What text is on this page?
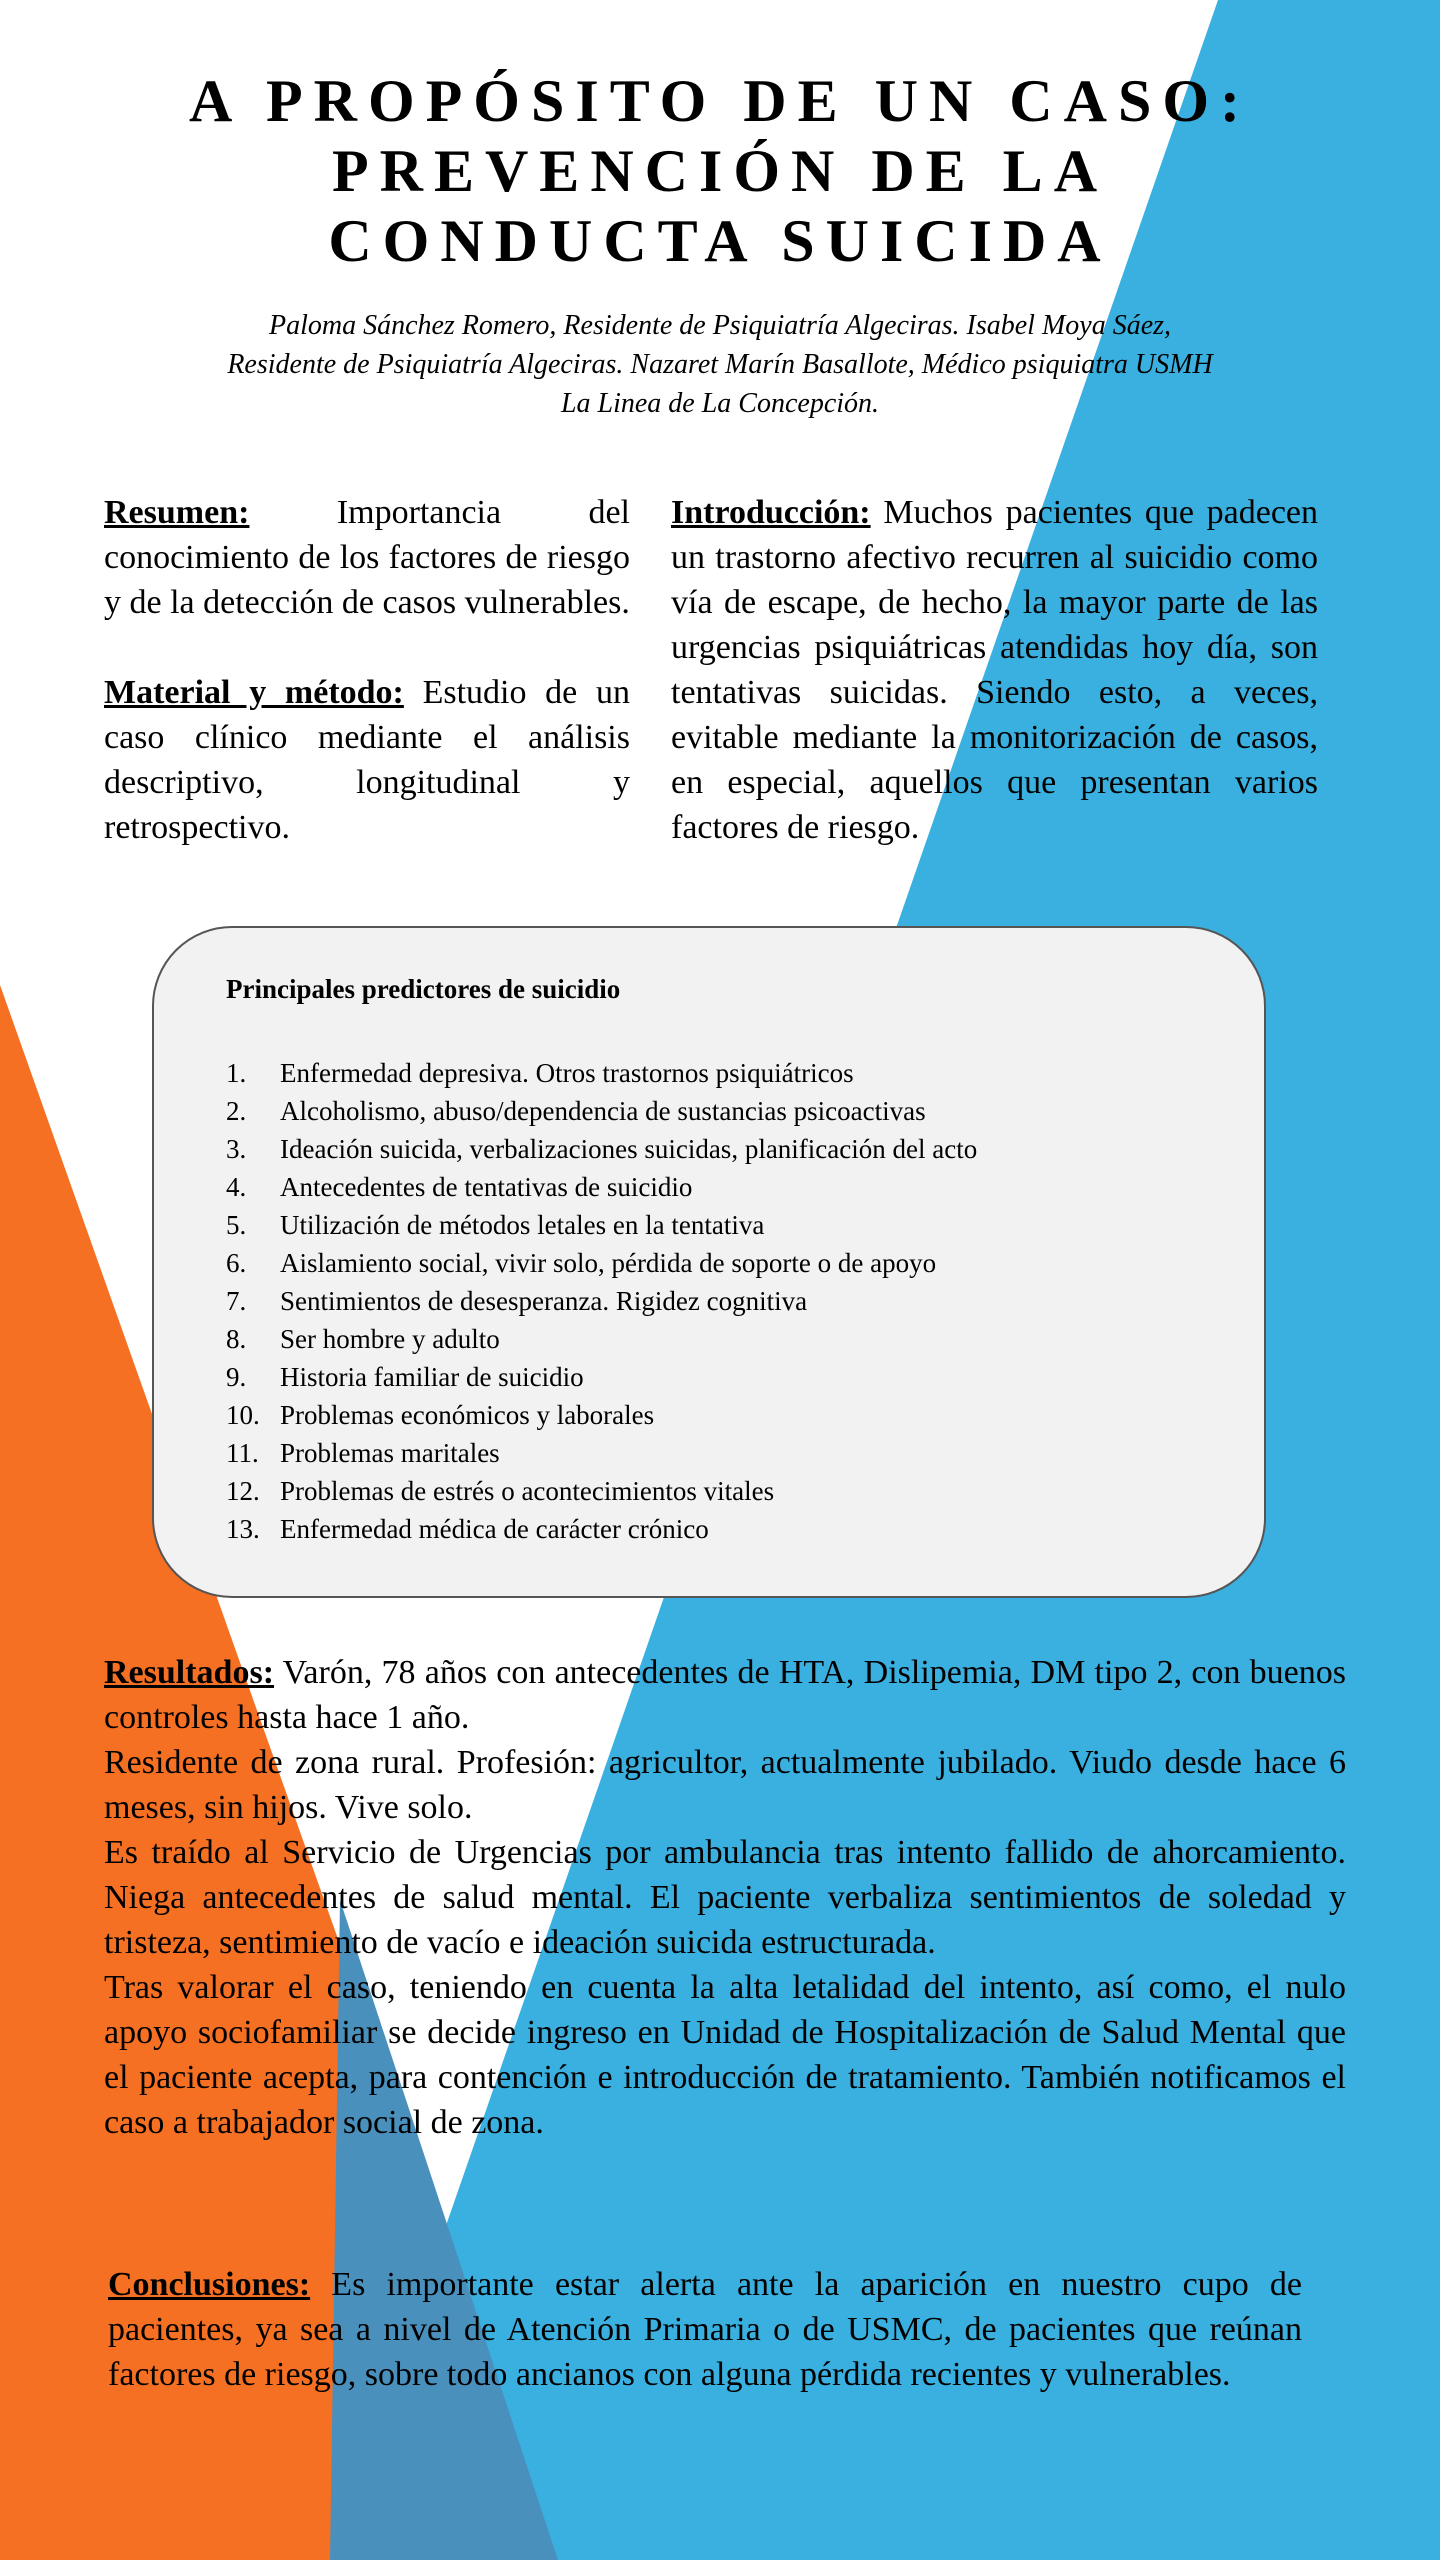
A PROPÓSITO DE UN CASO:
PREVENCIÓN DE LA
CONDUCTA SUICIDA
Paloma Sánchez Romero, Residente de Psiquiatría Algeciras. Isabel Moya Sáez,
Residente de Psiquiatría Algeciras. Nazaret Marín Basallote, Médico psiquiatra USMH
La Linea de La Concepción.

Resumen: Importancia del conocimiento de los factores de riesgo y de la detección de casos vulnerables.

Material y método: Estudio de un caso clínico mediante el análisis descriptivo, longitudinal y retrospectivo.

Introducción: Muchos pacientes que padecen un trastorno afectivo recurren al suicidio como vía de escape, de hecho, la mayor parte de las urgencias psiquiátricas atendidas hoy día, son tentativas suicidas. Siendo esto, a veces, evitable mediante la monitorización de casos, en especial, aquellos que presentan varios factores de riesgo.

Principales predictores de suicidio
1.	Enfermedad depresiva. Otros trastornos psiquiátricos
2.	Alcoholismo, abuso/dependencia de sustancias psicoactivas
3.	Ideación suicida, verbalizaciones suicidas, planificación del acto
4.	Antecedentes de tentativas de suicidio
5.	Utilización de métodos letales en la tentativa
6.	Aislamiento social, vivir solo, pérdida de soporte o de apoyo
7.	Sentimientos de desesperanza. Rigidez cognitiva
8.	Ser hombre y adulto
9.	Historia familiar de suicidio
10. Problemas económicos y laborales
11. Problemas maritales
12. Problemas de estrés o acontecimientos vitales
13. Enfermedad médica de carácter crónico

Resultados: Varón, 78 años con antecedentes de HTA, Dislipemia, DM tipo 2, con buenos controles hasta hace 1 año.

Residente de zona rural. Profesión: agricultor, actualmente jubilado. Viudo desde hace 6 meses, sin hijos. Vive solo.

Es traído al Servicio de Urgencias por ambulancia tras intento fallido de ahorcamiento. Niega antecedentes de salud mental. El paciente verbaliza sentimientos de soledad y tristeza, sentimiento de vacío e ideación suicida estructurada.

Tras valorar el caso, teniendo en cuenta la alta letalidad del intento, así como, el nulo apoyo sociofamiliar se decide ingreso en Unidad de Hospitalización de Salud Mental que el paciente acepta, para contención e introducción de tratamiento. También notificamos el caso a trabajador social de zona.

Conclusiones: Es importante estar alerta ante la aparición en nuestro cupo de pacientes, ya sea a nivel de Atención Primaria o de USMC, de pacientes que reúnan factores de riesgo, sobre todo ancianos con alguna pérdida recientes y vulnerables.
